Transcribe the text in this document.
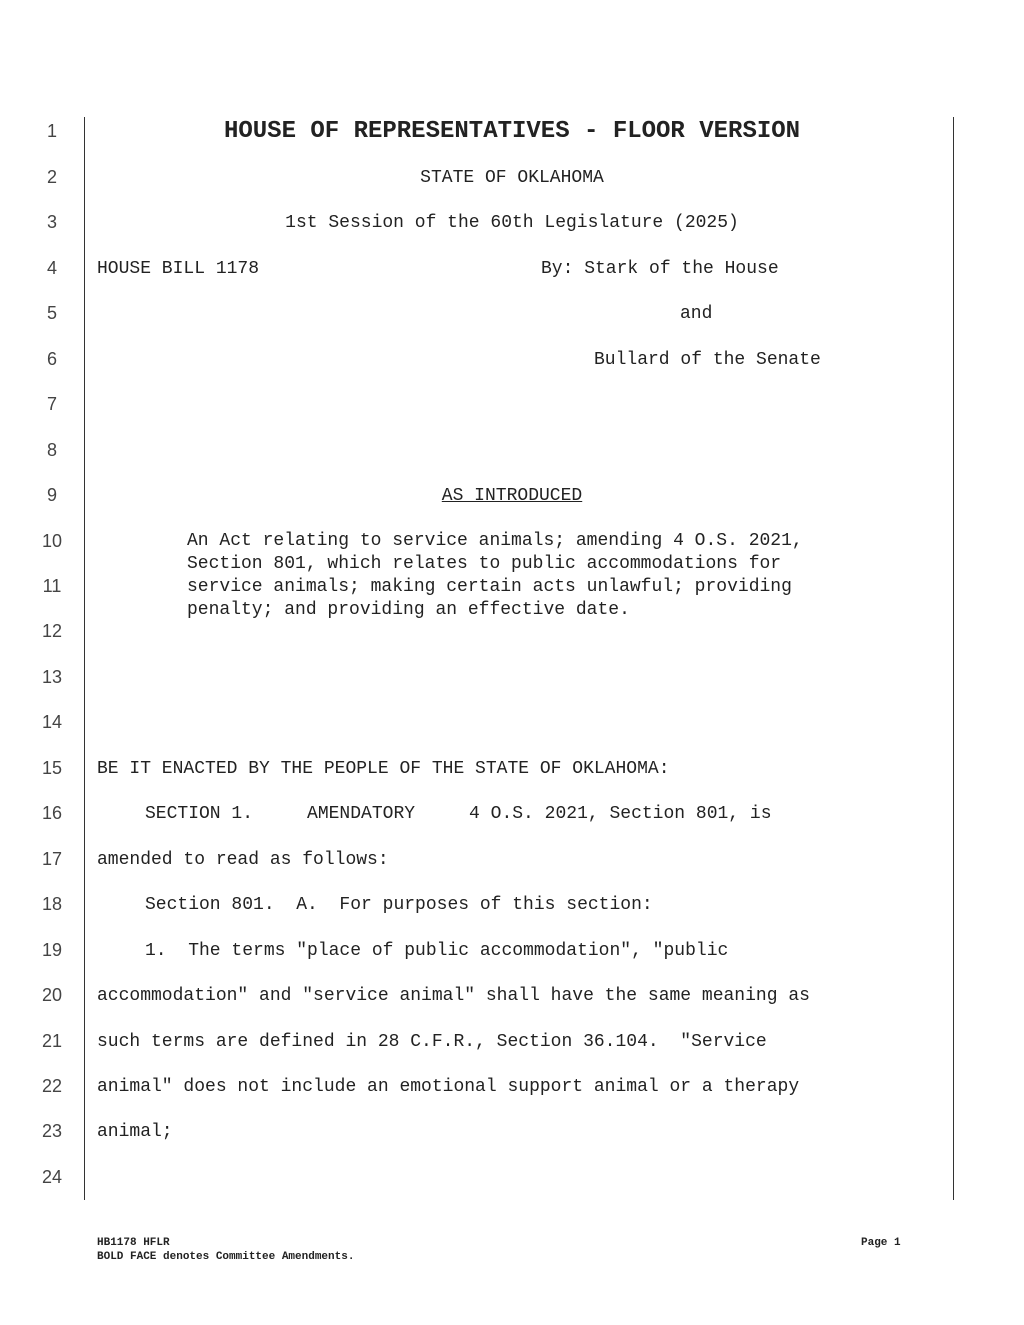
1
2
3
4
5
6
7
8
9
10
11
12
13
14
15
16
17
18
19
20
21
22
23
24
HOUSE OF REPRESENTATIVES - FLOOR VERSION
STATE OF OKLAHOMA
1st Session of the 60th Legislature (2025)
HOUSE BILL 1178	By: Stark of the House
and
Bullard of the Senate
AS INTRODUCED
An Act relating to service animals; amending 4 O.S. 2021, Section 801, which relates to public accommodations for service animals; making certain acts unlawful; providing penalty; and providing an effective date.
BE IT ENACTED BY THE PEOPLE OF THE STATE OF OKLAHOMA:
SECTION 1.     AMENDATORY     4 O.S. 2021, Section 801, is
amended to read as follows:
Section 801.  A.  For purposes of this section:
1.  The terms "place of public accommodation", "public
accommodation" and "service animal" shall have the same meaning as
such terms are defined in 28 C.F.R., Section 36.104.  "Service
animal" does not include an emotional support animal or a therapy
animal;
HB1178 HFLR
BOLD FACE denotes Committee Amendments.
Page 1
